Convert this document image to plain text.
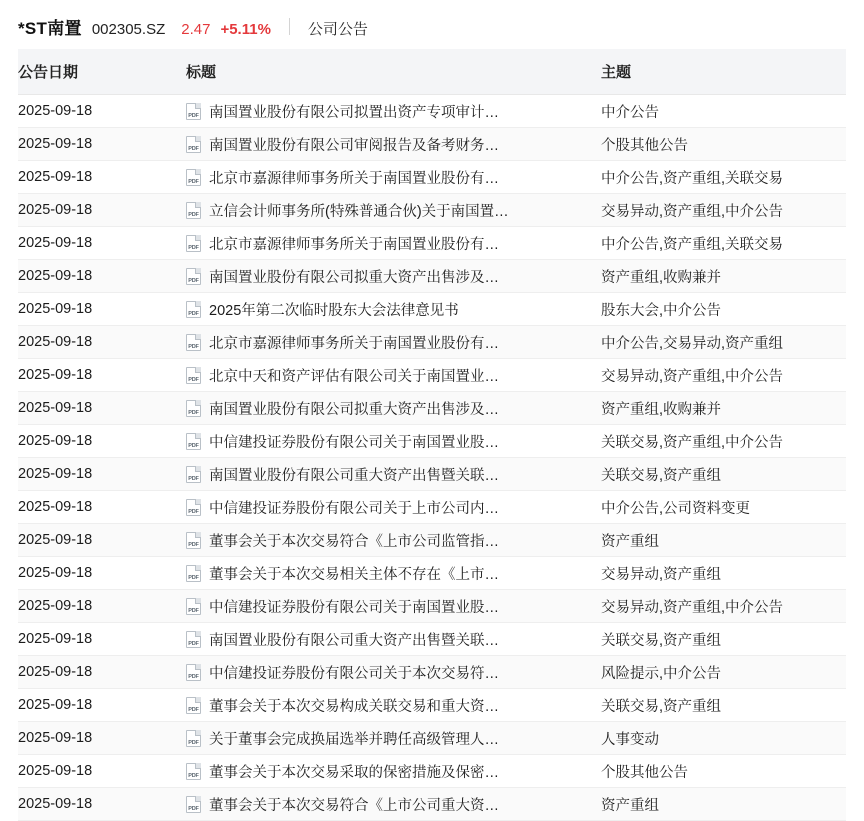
*ST南置 002305.SZ 2.47 +5.11% 公司公告
公告日期	标题	主题
2025-09-18	PDF 南国置业股份有限公司拟置出资产专项审计…	中介公告
2025-09-18	PDF 南国置业股份有限公司审阅报告及备考财务…	个股其他公告
2025-09-18	PDF 北京市嘉源律师事务所关于南国置业股份有…	中介公告,资产重组,关联交易
2025-09-18	PDF 立信会计师事务所(特殊普通合伙)关于南国置…	交易异动,资产重组,中介公告
2025-09-18	PDF 北京市嘉源律师事务所关于南国置业股份有…	中介公告,资产重组,关联交易
2025-09-18	PDF 南国置业股份有限公司拟重大资产出售涉及…	资产重组,收购兼并
2025-09-18	PDF 2025年第二次临时股东大会法律意见书	股东大会,中介公告
2025-09-18	PDF 北京市嘉源律师事务所关于南国置业股份有…	中介公告,交易异动,资产重组
2025-09-18	PDF 北京中天和资产评估有限公司关于南国置业…	交易异动,资产重组,中介公告
2025-09-18	PDF 南国置业股份有限公司拟重大资产出售涉及…	资产重组,收购兼并
2025-09-18	PDF 中信建投证券股份有限公司关于南国置业股…	关联交易,资产重组,中介公告
2025-09-18	PDF 南国置业股份有限公司重大资产出售暨关联…	关联交易,资产重组
2025-09-18	PDF 中信建投证券股份有限公司关于上市公司内…	中介公告,公司资料变更
2025-09-18	PDF 董事会关于本次交易符合《上市公司监管指…	资产重组
2025-09-18	PDF 董事会关于本次交易相关主体不存在《上市…	交易异动,资产重组
2025-09-18	PDF 中信建投证券股份有限公司关于南国置业股…	交易异动,资产重组,中介公告
2025-09-18	PDF 南国置业股份有限公司重大资产出售暨关联…	关联交易,资产重组
2025-09-18	PDF 中信建投证券股份有限公司关于本次交易符…	风险提示,中介公告
2025-09-18	PDF 董事会关于本次交易构成关联交易和重大资…	关联交易,资产重组
2025-09-18	PDF 关于董事会完成换届选举并聘任高级管理人…	人事变动
2025-09-18	PDF 董事会关于本次交易采取的保密措施及保密…	个股其他公告
2025-09-18	PDF 董事会关于本次交易符合《上市公司重大资…	资产重组
